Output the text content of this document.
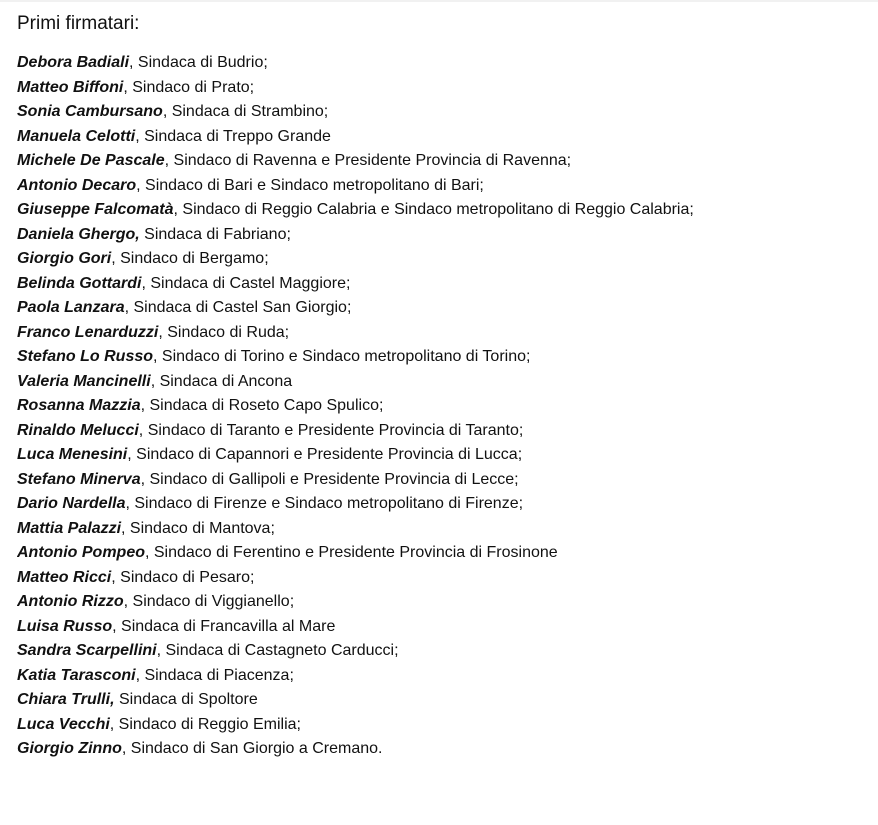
Primi firmatari:
Debora Badiali, Sindaca di Budrio;
Matteo Biffoni, Sindaco di Prato;
Sonia Cambursano, Sindaca di Strambino;
Manuela Celotti, Sindaca di Treppo Grande
Michele De Pascale, Sindaco di Ravenna e Presidente Provincia di Ravenna;
Antonio Decaro, Sindaco di Bari e Sindaco metropolitano di Bari;
Giuseppe Falcomatà, Sindaco di Reggio Calabria e Sindaco metropolitano di Reggio Calabria;
Daniela Ghergo, Sindaca di Fabriano;
Giorgio Gori, Sindaco di Bergamo;
Belinda Gottardi, Sindaca di Castel Maggiore;
Paola Lanzara, Sindaca di Castel San Giorgio;
Franco Lenarduzzi, Sindaco di Ruda;
Stefano Lo Russo, Sindaco di Torino e Sindaco metropolitano di Torino;
Valeria Mancinelli, Sindaca di Ancona
Rosanna Mazzia, Sindaca di Roseto Capo Spulico;
Rinaldo Melucci, Sindaco di Taranto e Presidente Provincia di Taranto;
Luca Menesini, Sindaco di Capannori e Presidente Provincia di Lucca;
Stefano Minerva, Sindaco di Gallipoli e Presidente Provincia di Lecce;
Dario Nardella, Sindaco di Firenze e Sindaco metropolitano di Firenze;
Mattia Palazzi, Sindaco di Mantova;
Antonio Pompeo, Sindaco di Ferentino e Presidente Provincia di Frosinone
Matteo Ricci, Sindaco di Pesaro;
Antonio Rizzo, Sindaco di Viggianello;
Luisa Russo, Sindaca di Francavilla al Mare
Sandra Scarpellini, Sindaca di Castagneto Carducci;
Katia Tarasconi, Sindaca di Piacenza;
Chiara Trulli, Sindaca di Spoltore
Luca Vecchi, Sindaco di Reggio Emilia;
Giorgio Zinno, Sindaco di San Giorgio a Cremano.
